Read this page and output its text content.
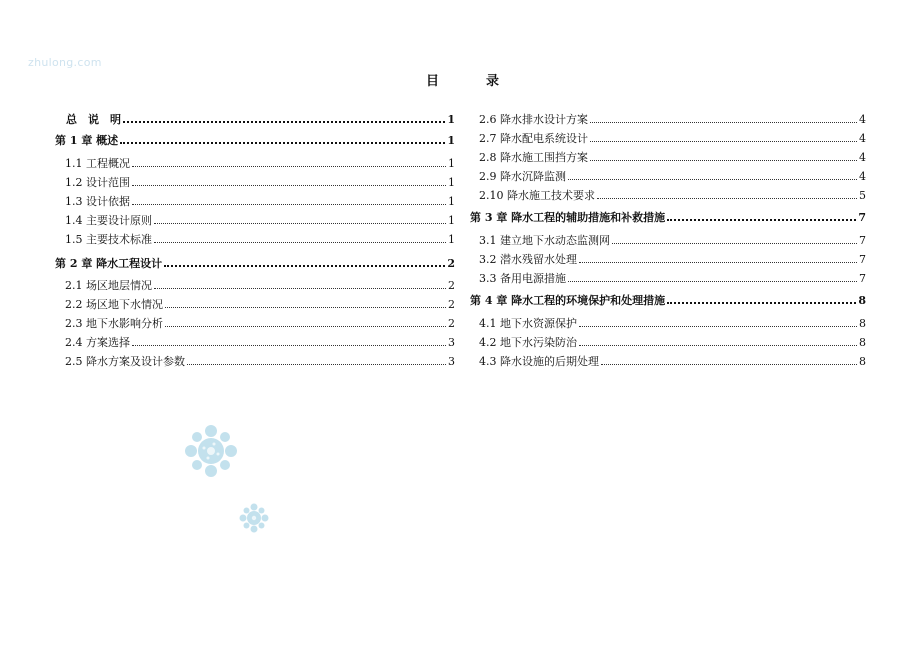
zhulong.com
目	录
总　说　明	1
第 1 章 概述	1
1.1 工程概况	1
1.2 设计范围	1
1.3 设计依据	1
1.4 主要设计原则	1
1.5 主要技术标准	1
第 2 章 降水工程设计	2
2.1 场区地层情况	2
2.2 场区地下水情况	2
2.3 地下水影响分析	2
2.4 方案选择	3
2.5 降水方案及设计参数	3
2.6 降水排水设计方案	4
2.7 降水配电系统设计	4
2.8 降水施工围挡方案	4
2.9 降水沉降监测	4
2.10 降水施工技术要求	5
第 3 章 降水工程的辅助措施和补救措施	7
3.1 建立地下水动态监测网	7
3.2 潜水残留水处理	7
3.3 备用电源措施	7
第 4 章 降水工程的环境保护和处理措施	8
4.1 地下水资源保护	8
4.2 地下水污染防治	8
4.3 降水设施的后期处理	8
